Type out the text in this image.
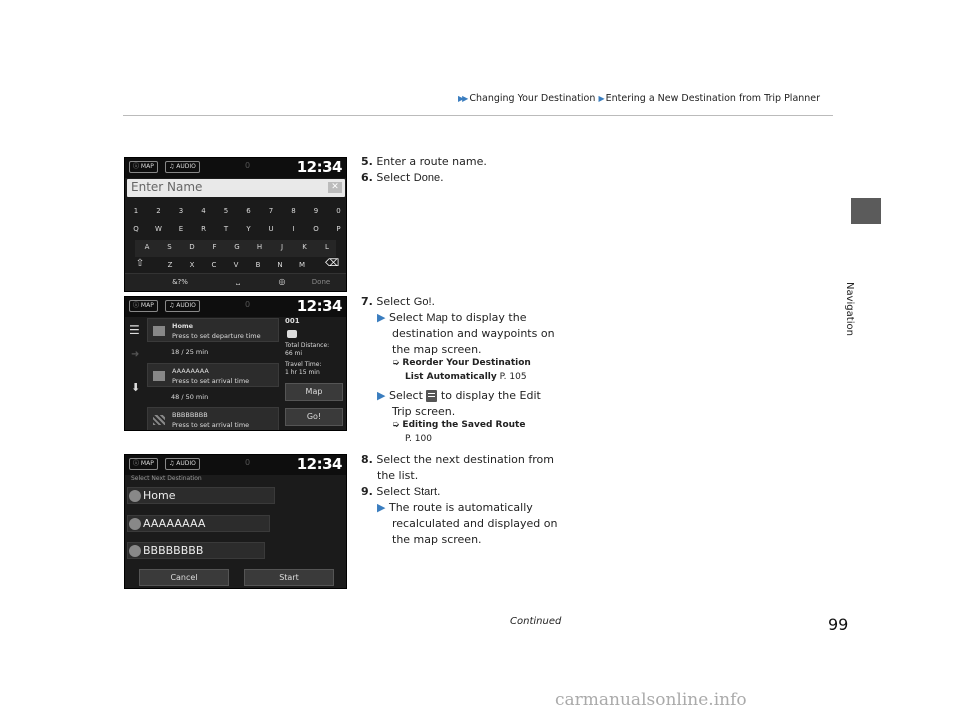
▶▶ Changing Your Destination ▶ Entering a New Destination from Trip Planner
Navigation
ⓘ MAP	♫ AUDIO	0	12:34
Enter Name	✕
1	2	3	4	5	6	7	8	9	0
Q	W	E	R	T	Y	U	I	O	P
A	S	D	F	G	H	J	K	L
⇧	⌫
Z	X	C	V	B	N	M
&?%	⎵	◎	Done
ⓘ MAP	♫ AUDIO	0	12:34
☰
➜
⬇
Home
Press to set departure time
18 / 25 min
AAAAAAAA
Press to set arrival time
48 / 50 min
BBBBBBBB
Press to set arrival time
001
Total Distance:
66 mi
Travel Time:
1 hr 15 min
Map
Go!
ⓘ MAP	♫ AUDIO	0	12:34
Select Next Destination
Home
AAAAAAAA
BBBBBBBB
Cancel	Start
5. Enter a route name.
6. Select Done.
7. Select Go!.
▶ Select Map to display the
destination and waypoints on
the map screen.
➭ Reorder Your Destination
List Automatically P. 105
▶ Select  to display the Edit
Trip screen.
➭ Editing the Saved Route
P. 100
8. Select the next destination from
the list.
9. Select Start.
▶ The route is automatically
recalculated and displayed on
the map screen.
Continued	99
carmanualsonline.info
